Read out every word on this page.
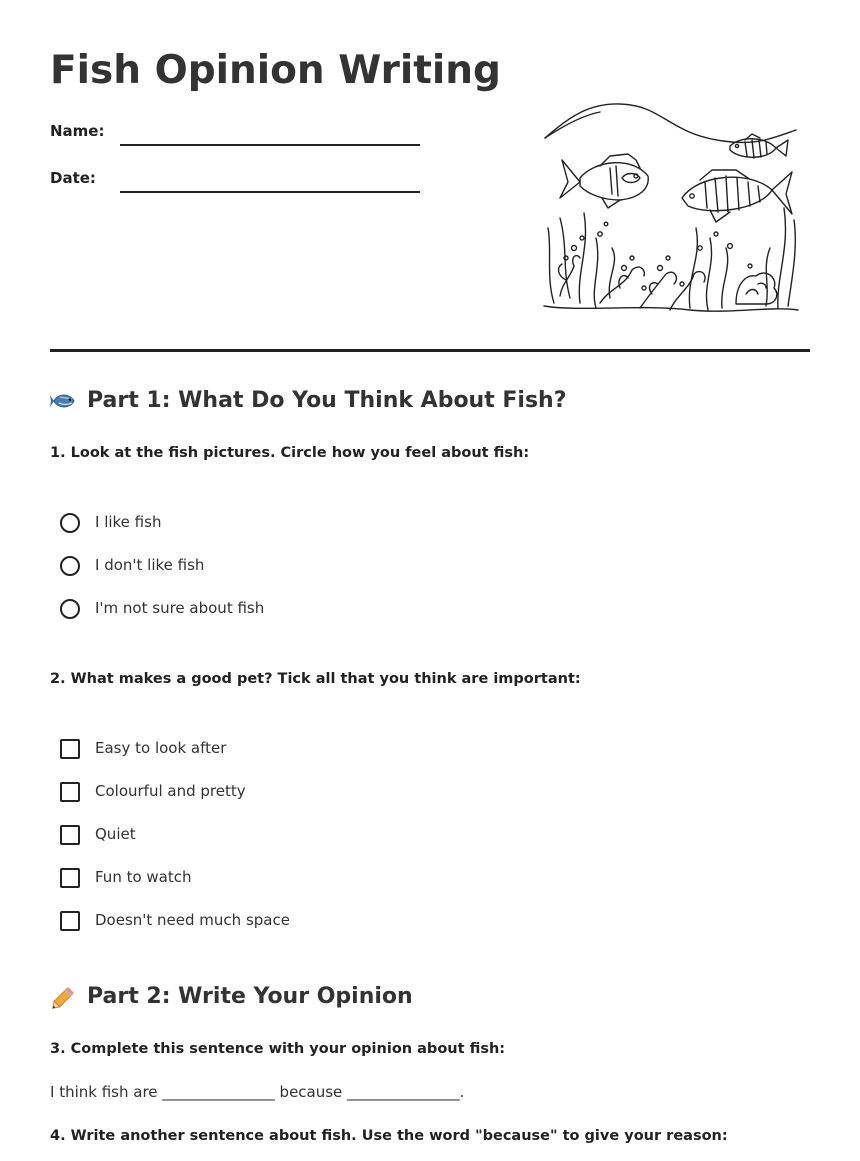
Fish Opinion Writing
Name:
Date:
Part 1: What Do You Think About Fish?
1. Look at the fish pictures. Circle how you feel about fish:
I like fish
I don't like fish
I'm not sure about fish
2. What makes a good pet? Tick all that you think are important:
Easy to look after
Colourful and pretty
Quiet
Fun to watch
Doesn't need much space
Part 2: Write Your Opinion
3. Complete this sentence with your opinion about fish:
I think fish are _______________ because _______________.
4. Write another sentence about fish. Use the word "because" to give your reason:
